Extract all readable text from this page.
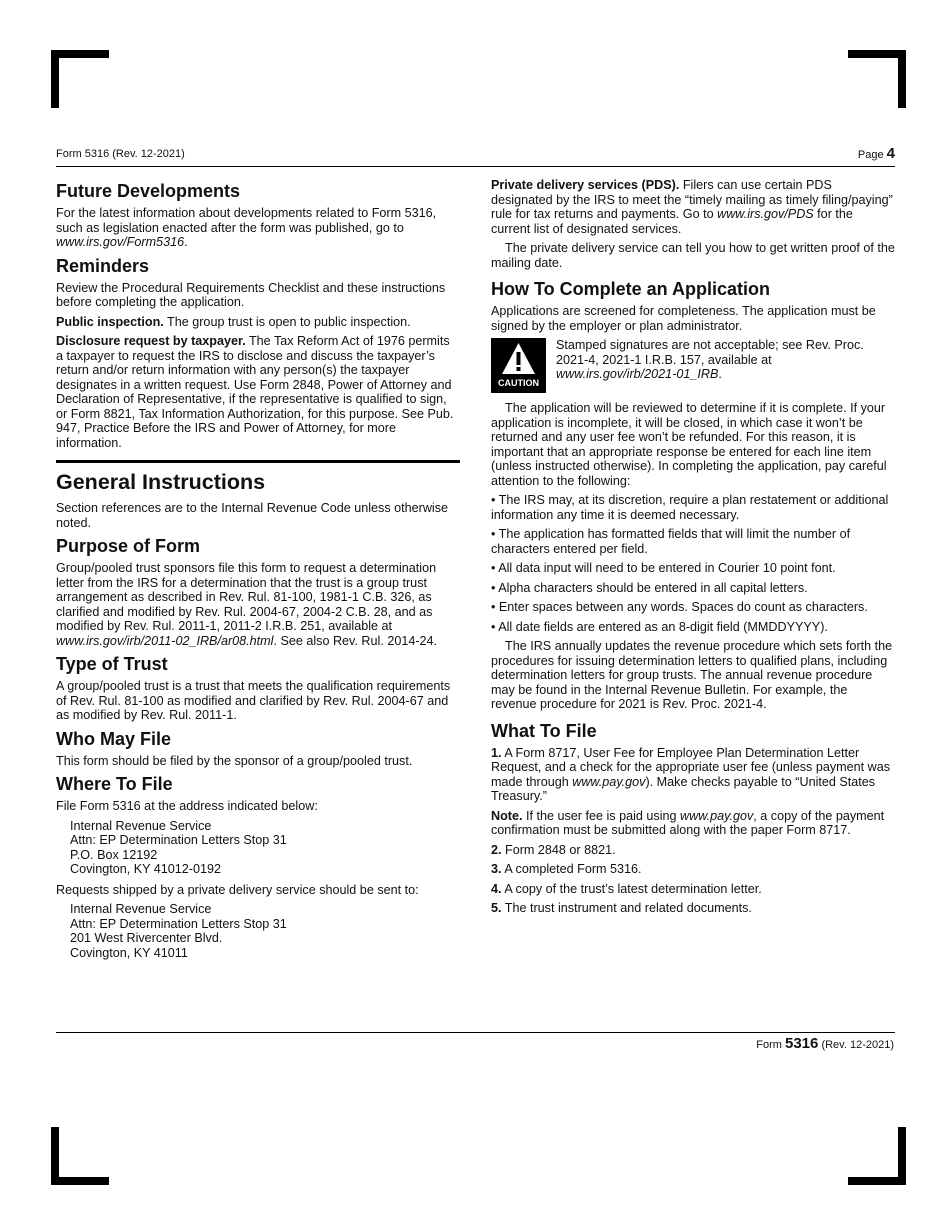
Form 5316 (Rev. 12-2021)	Page 4
Future Developments

For the latest information about developments related to Form 5316, such as legislation enacted after the form was published, go to www.irs.gov/Form5316.

Reminders

Review the Procedural Requirements Checklist and these instructions before completing the application.

Public inspection. The group trust is open to public inspection.

Disclosure request by taxpayer. The Tax Reform Act of 1976 permits a taxpayer to request the IRS to disclose and discuss the taxpayer’s return and/or return information with any person(s) the taxpayer designates in a written request. Use Form 2848, Power of Attorney and Declaration of Representative, if the representative is qualified to sign, or Form 8821, Tax Information Authorization, for this purpose. See Pub. 947, Practice Before the IRS and Power of Attorney, for more information.

General Instructions

Section references are to the Internal Revenue Code unless otherwise noted.

Purpose of Form

Group/pooled trust sponsors file this form to request a determination letter from the IRS for a determination that the trust is a group trust arrangement as described in Rev. Rul. 81-100, 1981-1 C.B. 326, as clarified and modified by Rev. Rul. 2004-67, 2004-2 C.B. 28, and as modified by Rev. Rul. 2011-1, 2011-2 I.R.B. 251, available at www.irs.gov/irb/2011-02_IRB/ar08.html. See also Rev. Rul. 2014-24.

Type of Trust

A group/pooled trust is a trust that meets the qualification requirements of Rev. Rul. 81-100 as modified and clarified by Rev. Rul. 2004-67 and as modified by Rev. Rul. 2011-1.

Who May File

This form should be filed by the sponsor of a group/pooled trust.

Where To File

File Form 5316 at the address indicated below:

Internal Revenue Service
Attn: EP Determination Letters Stop 31
P.O. Box 12192
Covington, KY 41012-0192

Requests shipped by a private delivery service should be sent to:

Internal Revenue Service
Attn: EP Determination Letters Stop 31
201 West Rivercenter Blvd.
Covington, KY 41011

Private delivery services (PDS). Filers can use certain PDS designated by the IRS to meet the “timely mailing as timely filing/paying” rule for tax returns and payments. Go to www.irs.gov/PDS for the current list of designated services.

The private delivery service can tell you how to get written proof of the mailing date.

How To Complete an Application

Applications are screened for completeness. The application must be signed by the employer or plan administrator.

CAUTION
Stamped signatures are not acceptable; see Rev. Proc. 2021-4, 2021-1 I.R.B. 157, available at www.irs.gov/irb/2021-01_IRB.

The application will be reviewed to determine if it is complete. If your application is incomplete, it will be closed, in which case it won’t be returned and any user fee won’t be refunded. For this reason, it is important that an appropriate response be entered for each line item (unless instructed otherwise). In completing the application, pay careful attention to the following:

• The IRS may, at its discretion, require a plan restatement or additional information any time it is deemed necessary.

• The application has formatted fields that will limit the number of characters entered per field.

• All data input will need to be entered in Courier 10 point font.

• Alpha characters should be entered in all capital letters.

• Enter spaces between any words. Spaces do count as characters.

• All date fields are entered as an 8-digit field (MMDDYYYY).

The IRS annually updates the revenue procedure which sets forth the procedures for issuing determination letters to qualified plans, including determination letters for group trusts. The annual revenue procedure may be found in the Internal Revenue Bulletin. For example, the revenue procedure for 2021 is Rev. Proc. 2021-4.

What To File

1. A Form 8717, User Fee for Employee Plan Determination Letter Request, and a check for the appropriate user fee (unless payment was made through www.pay.gov). Make checks payable to “United States Treasury.”

Note. If the user fee is paid using www.pay.gov, a copy of the payment confirmation must be submitted along with the paper Form 8717.

2. Form 2848 or 8821.

3. A completed Form 5316.

4. A copy of the trust’s latest determination letter.

5. The trust instrument and related documents.

Form 5316 (Rev. 12-2021)
